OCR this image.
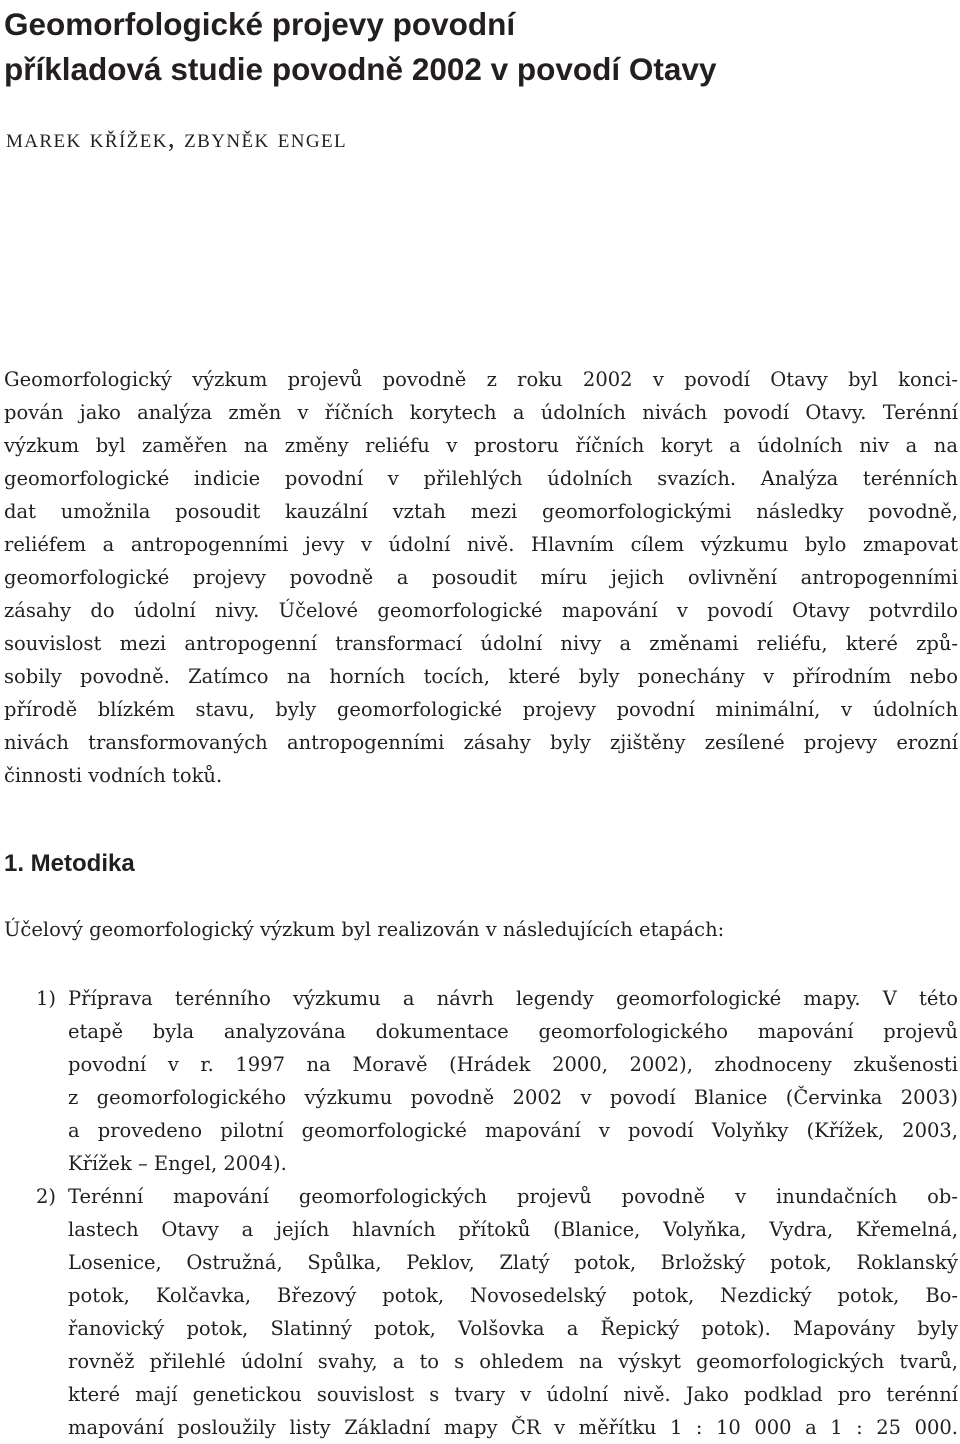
Geomorfologické projevy povodní
příkladová studie povodně 2002 v povodí Otavy

marek křížek, zbyněk engel

Geomorfologický výzkum projevů povodně z roku 2002 v povodí Otavy byl konci-
pován jako analýza změn v říčních korytech a údolních nivách povodí Otavy. Terénní
výzkum byl zaměřen na změny reliéfu v prostoru říčních koryt a údolních niv a na
geomorfologické indicie povodní v přilehlých údolních svazích. Analýza terénních
dat umožnila posoudit kauzální vztah mezi geomorfologickými následky povodně,
reliéfem a antropogenními jevy v údolní nivě. Hlavním cílem výzkumu bylo zmapovat
geomorfologické projevy povodně a posoudit míru jejich ovlivnění antropogenními
zásahy do údolní nivy. Účelové geomorfologické mapování v povodí Otavy potvrdilo
souvislost mezi antropogenní transformací údolní nivy a změnami reliéfu, které způ-
sobily povodně. Zatímco na horních tocích, které byly ponechány v přírodním nebo
přírodě blízkém stavu, byly geomorfologické projevy povodní minimální, v údolních
nivách transformovaných antropogenními zásahy byly zjištěny zesílené projevy erozní
činnosti vodních toků.
1. Metodika
Účelový geomorfologický výzkum byl realizován v následujících etapách:
1) Příprava terénního výzkumu a návrh legendy geomorfologické mapy. V této
etapě byla analyzována dokumentace geomorfologického mapování projevů
povodní v r. 1997 na Moravě (Hrádek 2000, 2002), zhodnoceny zkušenosti
z geomorfologického výzkumu povodně 2002 v povodí Blanice (Červinka 2003)
a provedeno pilotní geomorfologické mapování v povodí Volyňky (Křížek, 2003,
Křížek – Engel, 2004).
2) Terénní mapování geomorfologických projevů povodně v inundačních ob-
lastech Otavy a jejích hlavních přítoků (Blanice, Volyňka, Vydra, Křemelná,
Losenice, Ostružná, Spůlka, Peklov, Zlatý potok, Brložský potok, Roklanský
potok, Kolčavka, Březový potok, Novosedelský potok, Nezdický potok, Bo-
řanovický potok, Slatinný potok, Volšovka a Řepický potok). Mapovány byly
rovněž přilehlé údolní svahy, a to s ohledem na výskyt geomorfologických tvarů,
které mají genetickou souvislost s tvary v údolní nivě. Jako podklad pro terénní
mapování posloužily listy Základní mapy ČR v měřítku 1 : 10 000 a 1 : 25 000.
